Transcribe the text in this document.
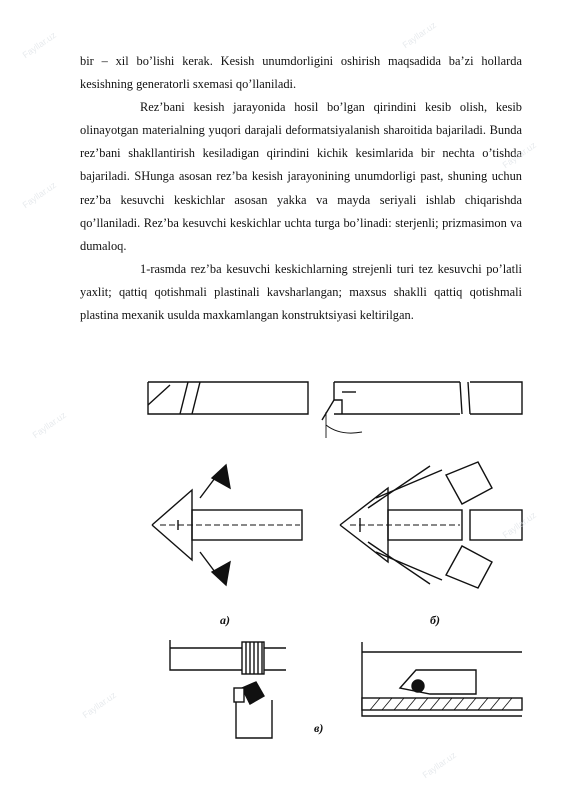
bir – xil bo’lishi kerak. Kesish unumdorligini oshirish maqsadida ba’zi hollarda kesishning generatorli sxemasi qo’llaniladi.

Rez’bani kesish jarayonida hosil bo’lgan qirindini kesib olish, kesib olinayotgan materialning yuqori darajali deformatsiyalanish sharoitida bajariladi. Bunda rez’bani shakllantirish kesiladigan qirindini kichik kesimlarida bir nechta o’tishda bajariladi. SHunga asosan rez’ba kesish jarayonining unumdorligi past, shuning uchun rez’ba kesuvchi keskichlar asosan yakka va mayda seriyali ishlab chiqarishda qo’llaniladi. Rez’ba kesuvchi keskichlar uchta turga bo’linadi: sterjenli; prizmasimon va dumaloq.

1-rasmda rez’ba kesuvchi keskichlarning strejenli turi tez kesuvchi po’latli yaxlit; qattiq qotishmali plastinali kavsharlangan; maxsus shaklli qattiq qotishmali plastina mexanik usulda maxkamlangan konstruktsiyasi keltirilgan.

а)	б)
в)
Fayllar.uz	Fayllar.uz
Fayllar.uz
Fayllar.uz
Fayllar.uz
Fayllar.uz
Fayllar.uz
Fayllar.uz
